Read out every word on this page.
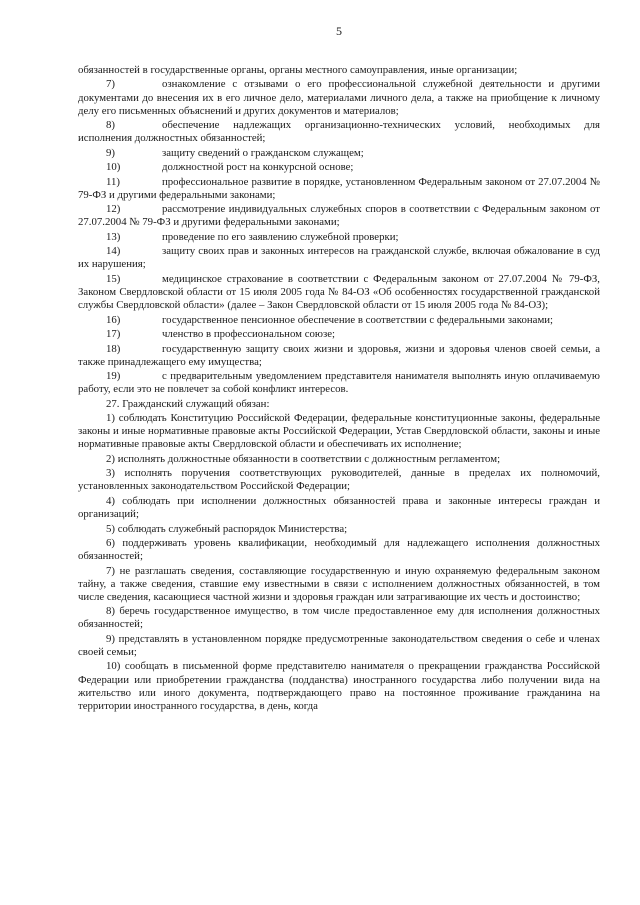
5

обязанностей в государственные органы, органы местного самоуправления, иные организации;

7)	ознакомление с отзывами о его профессиональной служебной деятельности и другими документами до внесения их в его личное дело, материалами личного дела, а также на приобщение к личному делу его письменных объяснений и других документов и материалов;

8)	обеспечение надлежащих организационно-технических условий, необходимых для исполнения должностных обязанностей;

9)	защиту сведений о гражданском служащем;

10)	должностной рост на конкурсной основе;

11)	профессиональное развитие в порядке, установленном Федеральным законом от 27.07.2004 № 79-ФЗ и другими федеральными законами;

12)	рассмотрение индивидуальных служебных споров в соответствии с Федеральным законом от 27.07.2004 № 79-ФЗ и другими федеральными законами;

13)	проведение по его заявлению служебной проверки;

14)	защиту своих прав и законных интересов на гражданской службе, включая обжалование в суд их нарушения;

15)	медицинское страхование в соответствии с Федеральным законом от 27.07.2004 № 79-ФЗ, Законом Свердловской области от 15 июля 2005 года № 84-ОЗ «Об особенностях государственной гражданской службы Свердловской области» (далее – Закон Свердловской области от 15 июля 2005 года № 84-ОЗ);

16)	государственное пенсионное обеспечение в соответствии с федеральными законами;

17)	членство в профессиональном союзе;

18)	государственную защиту своих жизни и здоровья, жизни и здоровья членов своей семьи, а также принадлежащего ему имущества;

19)	с предварительным уведомлением представителя нанимателя выполнять иную оплачиваемую работу, если это не повлечет за собой конфликт интересов.

27. Гражданский служащий обязан:

1) соблюдать Конституцию Российской Федерации, федеральные конституционные законы, федеральные законы и иные нормативные правовые акты Российской Федерации, Устав Свердловской области, законы и иные нормативные правовые акты Свердловской области и обеспечивать их исполнение;

2) исполнять должностные обязанности в соответствии с должностным регламентом;

3) исполнять поручения соответствующих руководителей, данные в пределах их полномочий, установленных законодательством Российской Федерации;

4) соблюдать при исполнении должностных обязанностей права и законные интересы граждан и организаций;

5) соблюдать служебный распорядок Министерства;

6) поддерживать уровень квалификации, необходимый для надлежащего исполнения должностных обязанностей;

7) не разглашать сведения, составляющие государственную и иную охраняемую федеральным законом тайну, а также сведения, ставшие ему известными в связи с исполнением должностных обязанностей, в том числе сведения, касающиеся частной жизни и здоровья граждан или затрагивающие их честь и достоинство;

8) беречь государственное имущество, в том числе предоставленное ему для исполнения должностных обязанностей;

9) представлять в установленном порядке предусмотренные законодательством сведения о себе и членах своей семьи;

10) сообщать в письменной форме представителю нанимателя о прекращении гражданства Российской Федерации или приобретении гражданства (подданства) иностранного государства либо получении вида на жительство или иного документа, подтверждающего право на постоянное проживание гражданина на территории иностранного государства, в день, когда
